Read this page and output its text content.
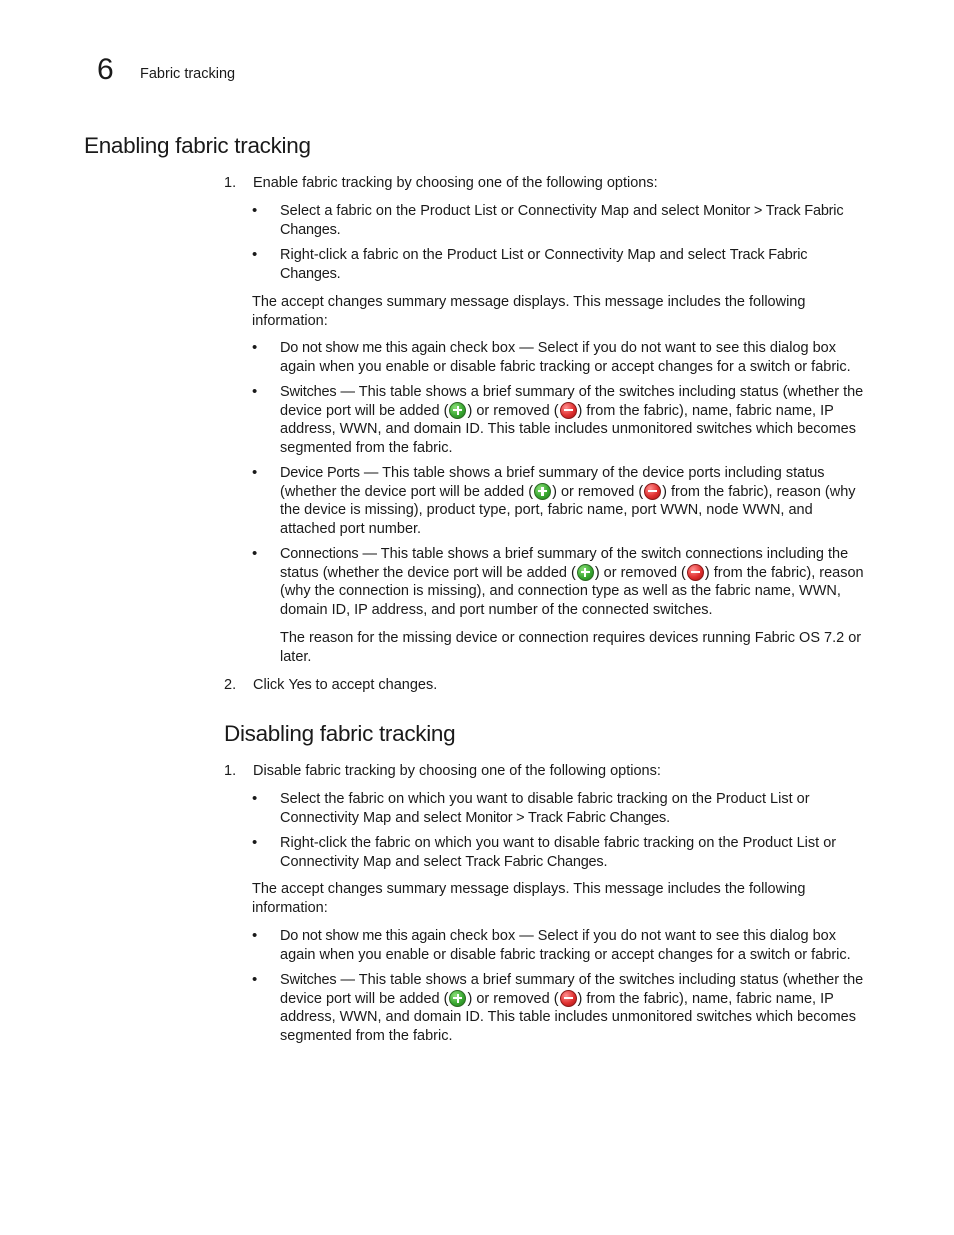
6 Fabric tracking
Enabling fabric tracking
1. Enable fabric tracking by choosing one of the following options:
• Select a fabric on the Product List or Connectivity Map and select Monitor > Track Fabric Changes.
• Right-click a fabric on the Product List or Connectivity Map and select Track Fabric Changes.
The accept changes summary message displays. This message includes the following information:
• Do not show me this again check box — Select if you do not want to see this dialog box again when you enable or disable fabric tracking or accept changes for a switch or fabric.
• Switches — This table shows a brief summary of the switches including status (whether the device port will be added ( ) or removed ( ) from the fabric), name, fabric name, IP address, WWN, and domain ID. This table includes unmonitored switches which becomes segmented from the fabric.
• Device Ports — This table shows a brief summary of the device ports including status (whether the device port will be added ( ) or removed ( ) from the fabric), reason (why the device is missing), product type, port, fabric name, port WWN, node WWN, and attached port number.
• Connections — This table shows a brief summary of the switch connections including the status (whether the device port will be added ( ) or removed ( ) from the fabric), reason (why the connection is missing), and connection type as well as the fabric name, WWN, domain ID, IP address, and port number of the connected switches.
The reason for the missing device or connection requires devices running Fabric OS 7.2 or later.
2. Click Yes to accept changes.
Disabling fabric tracking
1. Disable fabric tracking by choosing one of the following options:
• Select the fabric on which you want to disable fabric tracking on the Product List or Connectivity Map and select Monitor > Track Fabric Changes.
• Right-click the fabric on which you want to disable fabric tracking on the Product List or Connectivity Map and select Track Fabric Changes.
The accept changes summary message displays. This message includes the following information:
• Do not show me this again check box — Select if you do not want to see this dialog box again when you enable or disable fabric tracking or accept changes for a switch or fabric.
• Switches — This table shows a brief summary of the switches including status (whether the device port will be added ( ) or removed ( ) from the fabric), name, fabric name, IP address, WWN, and domain ID. This table includes unmonitored switches which becomes segmented from the fabric.
